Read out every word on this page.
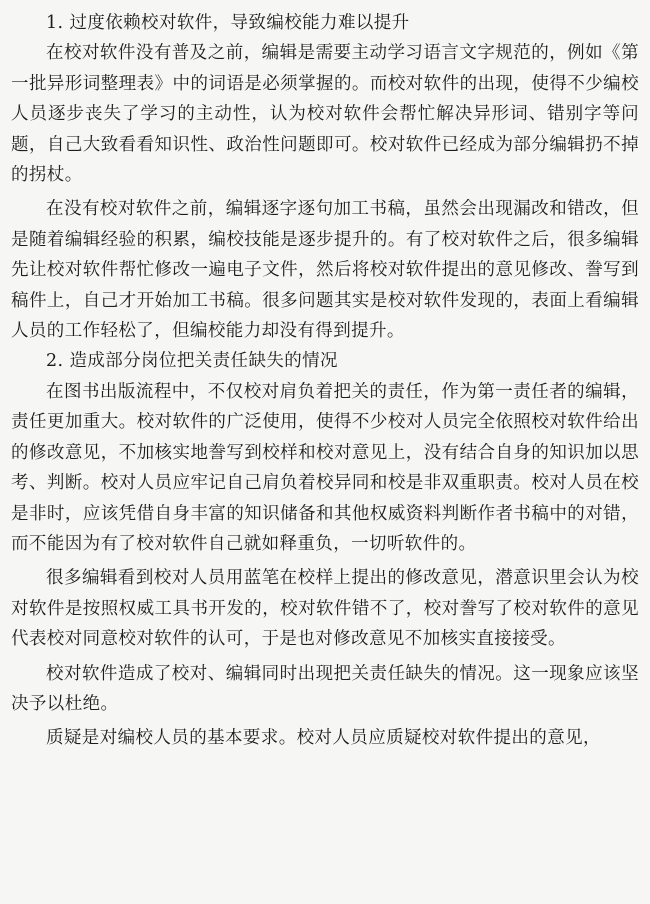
1. 过度依赖校对软件，导致编校能力难以提升

在校对软件没有普及之前，编辑是需要主动学习语言文字规范的，例如《第一批异形词整理表》中的词语是必须掌握的。而校对软件的出现，使得不少编校人员逐步丧失了学习的主动性，认为校对软件会帮忙解决异形词、错别字等问题，自己大致看看知识性、政治性问题即可。校对软件已经成为部分编辑扔不掉的拐杖。

在没有校对软件之前，编辑逐字逐句加工书稿，虽然会出现漏改和错改，但是随着编辑经验的积累，编校技能是逐步提升的。有了校对软件之后，很多编辑先让校对软件帮忙修改一遍电子文件，然后将校对软件提出的意见修改、誊写到稿件上，自己才开始加工书稿。很多问题其实是校对软件发现的，表面上看编辑人员的工作轻松了，但编校能力却没有得到提升。

2. 造成部分岗位把关责任缺失的情况

在图书出版流程中，不仅校对肩负着把关的责任，作为第一责任者的编辑，责任更加重大。校对软件的广泛使用，使得不少校对人员完全依照校对软件给出的修改意见，不加核实地誊写到校样和校对意见上，没有结合自身的知识加以思考、判断。校对人员应牢记自己肩负着校异同和校是非双重职责。校对人员在校是非时，应该凭借自身丰富的知识储备和其他权威资料判断作者书稿中的对错，而不能因为有了校对软件自己就如释重负，一切听软件的。

很多编辑看到校对人员用蓝笔在校样上提出的修改意见，潜意识里会认为校对软件是按照权威工具书开发的，校对软件错不了，校对誊写了校对软件的意见代表校对同意校对软件的认可，于是也对修改意见不加核实直接接受。

校对软件造成了校对、编辑同时出现把关责任缺失的情况。这一现象应该坚决予以杜绝。

质疑是对编校人员的基本要求。校对人员应质疑校对软件提出的意见，
